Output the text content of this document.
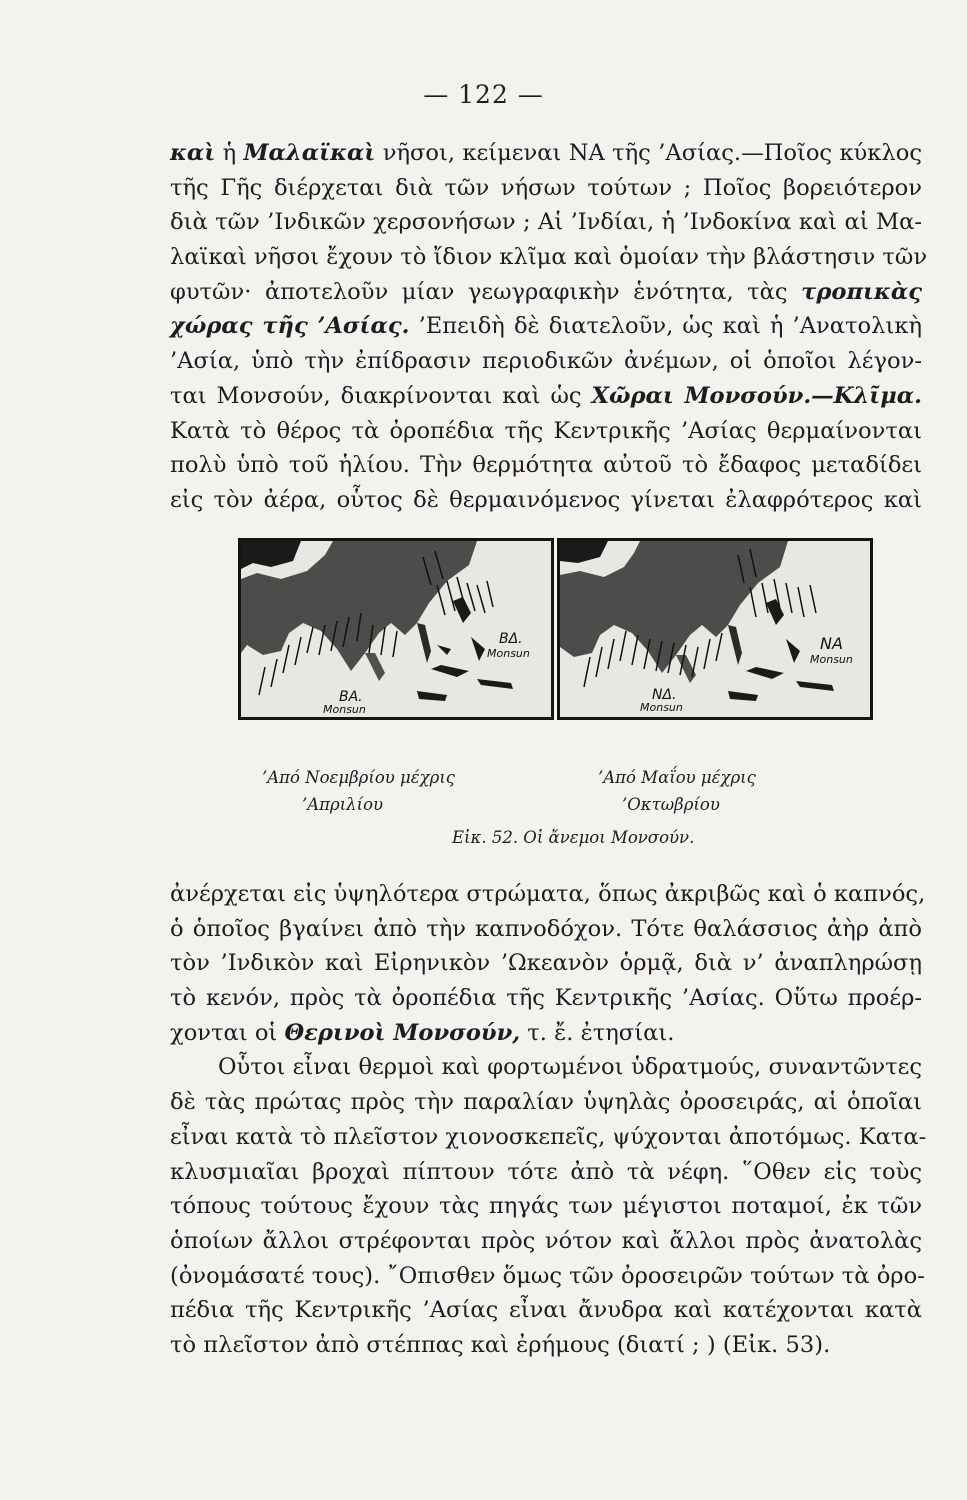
— 122 —
καὶ ἡ Μαλαϊκαὶ νῆσοι, κείμεναι ΝΑ τῆς ’Ασίας.—Ποῖος κύκλος
τῆς Γῆς διέρχεται διὰ τῶν νήσων τούτων ; Ποῖος βορειότερον
διὰ τῶν ’Ινδικῶν χερσονήσων ; Αἱ ’Ινδίαι, ἡ ’Ινδοκίνα καὶ αἱ Μα-
λαϊκαὶ νῆσοι ἔχουν τὸ ἴδιον κλῖμα καὶ ὁμοίαν τὴν βλάστησιν τῶν
φυτῶν· ἀποτελοῦν μίαν γεωγραφικὴν ἑνότητα, τὰς τροπικὰς
χώρας τῆς ’Ασίας. ’Επειδὴ δὲ διατελοῦν, ὡς καὶ ἡ ’Ανατολικὴ
’Ασία, ὑπὸ τὴν ἐπίδρασιν περιοδικῶν ἀνέμων, οἱ ὁποῖοι λέγον-
ται Μονσούν, διακρίνονται καὶ ὡς Χῶραι Μονσούν.—Κλῖμα.
Κατὰ τὸ θέρος τὰ ὀροπέδια τῆς Κεντρικῆς ’Ασίας θερμαίνονται
πολὺ ὑπὸ τοῦ ἡλίου. Τὴν θερμότητα αὐτοῦ τὸ ἔδαφος μεταδίδει
εἰς τὸν ἀέρα, οὗτος δὲ θερμαινόμενος γίνεται ἐλαφρότερος καὶ
ΒΔ.
Monsun
ΒΑ.
Monsun
ΝΑ
Monsun
ΝΔ.
Monsun
’Από Νοεμβρίου μέχρις
’Απριλίου
’Από Μαΐου μέχρις
’Οκτωβρίου
Εἰκ. 52. Οἱ ἄνεμοι Μονσούν.
ἀνέρχεται εἰς ὑψηλότερα στρώματα, ὅπως ἀκριβῶς καὶ ὁ καπνός,
ὁ ὁποῖος βγαίνει ἀπὸ τὴν καπνοδόχον. Τότε θαλάσσιος ἀὴρ ἀπὸ
τὸν ’Ινδικὸν καὶ Εἰρηνικὸν ’Ωκεανὸν ὁρμᾷ, διὰ ν’ ἀναπληρώσῃ
τὸ κενόν, πρὸς τὰ ὀροπέδια τῆς Κεντρικῆς ’Ασίας. Οὕτω προέρ-
χονται οἱ Θερινοὶ Μονσούν, τ. ἔ. ἐτησίαι.
Οὗτοι εἶναι θερμοὶ καὶ φορτωμένοι ὑδρατμούς, συναντῶντες
δὲ τὰς πρώτας πρὸς τὴν παραλίαν ὑψηλὰς ὀροσειράς, αἱ ὁποῖαι
εἶναι κατὰ τὸ πλεῖστον χιονοσκεπεῖς, ψύχονται ἀποτόμως. Κατα-
κλυσμιαῖαι βροχαὶ πίπτουν τότε ἀπὸ τὰ νέφη. ῞Οθεν εἰς τοὺς
τόπους τούτους ἔχουν τὰς πηγάς των μέγιστοι ποταμοί, ἐκ τῶν
ὁποίων ἄλλοι στρέφονται πρὸς νότον καὶ ἄλλοι πρὸς ἀνατολὰς
(ὀνομάσατέ τους). ῎Οπισθεν ὅμως τῶν ὀροσειρῶν τούτων τὰ ὀρο-
πέδια τῆς Κεντρικῆς ’Ασίας εἶναι ἄνυδρα καὶ κατέχονται κατὰ
τὸ πλεῖστον ἀπὸ στέππας καὶ ἐρήμους (διατί ; ) (Εἰκ. 53).
